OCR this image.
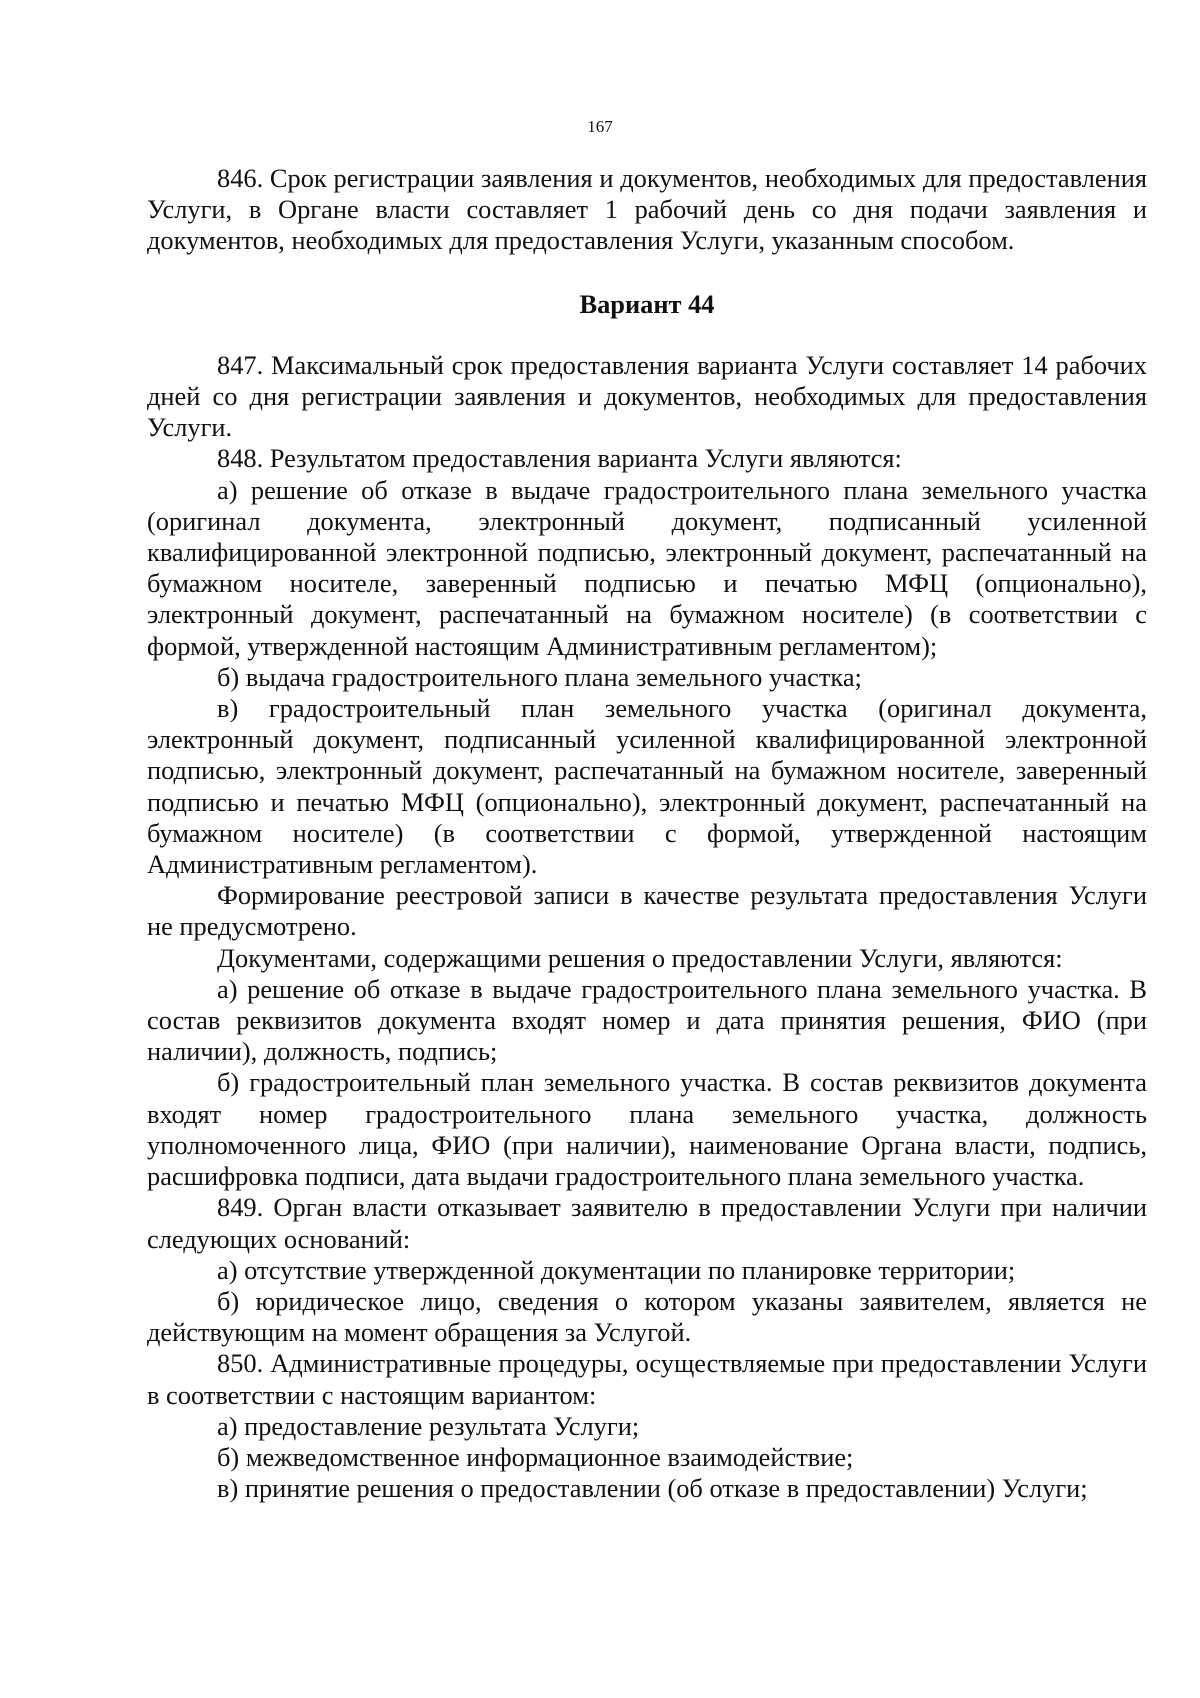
167

846. Срок регистрации заявления и документов, необходимых для предоставления Услуги, в Органе власти составляет 1 рабочий день со дня подачи заявления и документов, необходимых для предоставления Услуги, указанным способом.

Вариант 44

847. Максимальный срок предоставления варианта Услуги составляет 14 рабочих дней со дня регистрации заявления и документов, необходимых для предоставления Услуги.

848. Результатом предоставления варианта Услуги являются:

а) решение об отказе в выдаче градостроительного плана земельного участка (оригинал документа, электронный документ, подписанный усиленной квалифицированной электронной подписью, электронный документ, распечатанный на бумажном носителе, заверенный подписью и печатью МФЦ (опционально), электронный документ, распечатанный на бумажном носителе) (в соответствии с формой, утвержденной настоящим Административным регламентом);

б) выдача градостроительного плана земельного участка;

в) градостроительный план земельного участка (оригинал документа, электронный документ, подписанный усиленной квалифицированной электронной подписью, электронный документ, распечатанный на бумажном носителе, заверенный подписью и печатью МФЦ (опционально), электронный документ, распечатанный на бумажном носителе) (в соответствии с формой, утвержденной настоящим Административным регламентом).

Формирование реестровой записи в качестве результата предоставления Услуги не предусмотрено.

Документами, содержащими решения о предоставлении Услуги, являются:

а) решение об отказе в выдаче градостроительного плана земельного участка. В состав реквизитов документа входят номер и дата принятия решения, ФИО (при наличии), должность, подпись;

б) градостроительный план земельного участка. В состав реквизитов документа входят номер градостроительного плана земельного участка, должность уполномоченного лица, ФИО (при наличии), наименование Органа власти, подпись, расшифровка подписи, дата выдачи градостроительного плана земельного участка.

849. Орган власти отказывает заявителю в предоставлении Услуги при наличии следующих оснований:

а) отсутствие утвержденной документации по планировке территории;

б) юридическое лицо, сведения о котором указаны заявителем, является не действующим на момент обращения за Услугой.

850. Административные процедуры, осуществляемые при предоставлении Услуги в соответствии с настоящим вариантом:

а) предоставление результата Услуги;

б) межведомственное информационное взаимодействие;

в) принятие решения о предоставлении (об отказе в предоставлении) Услуги;
